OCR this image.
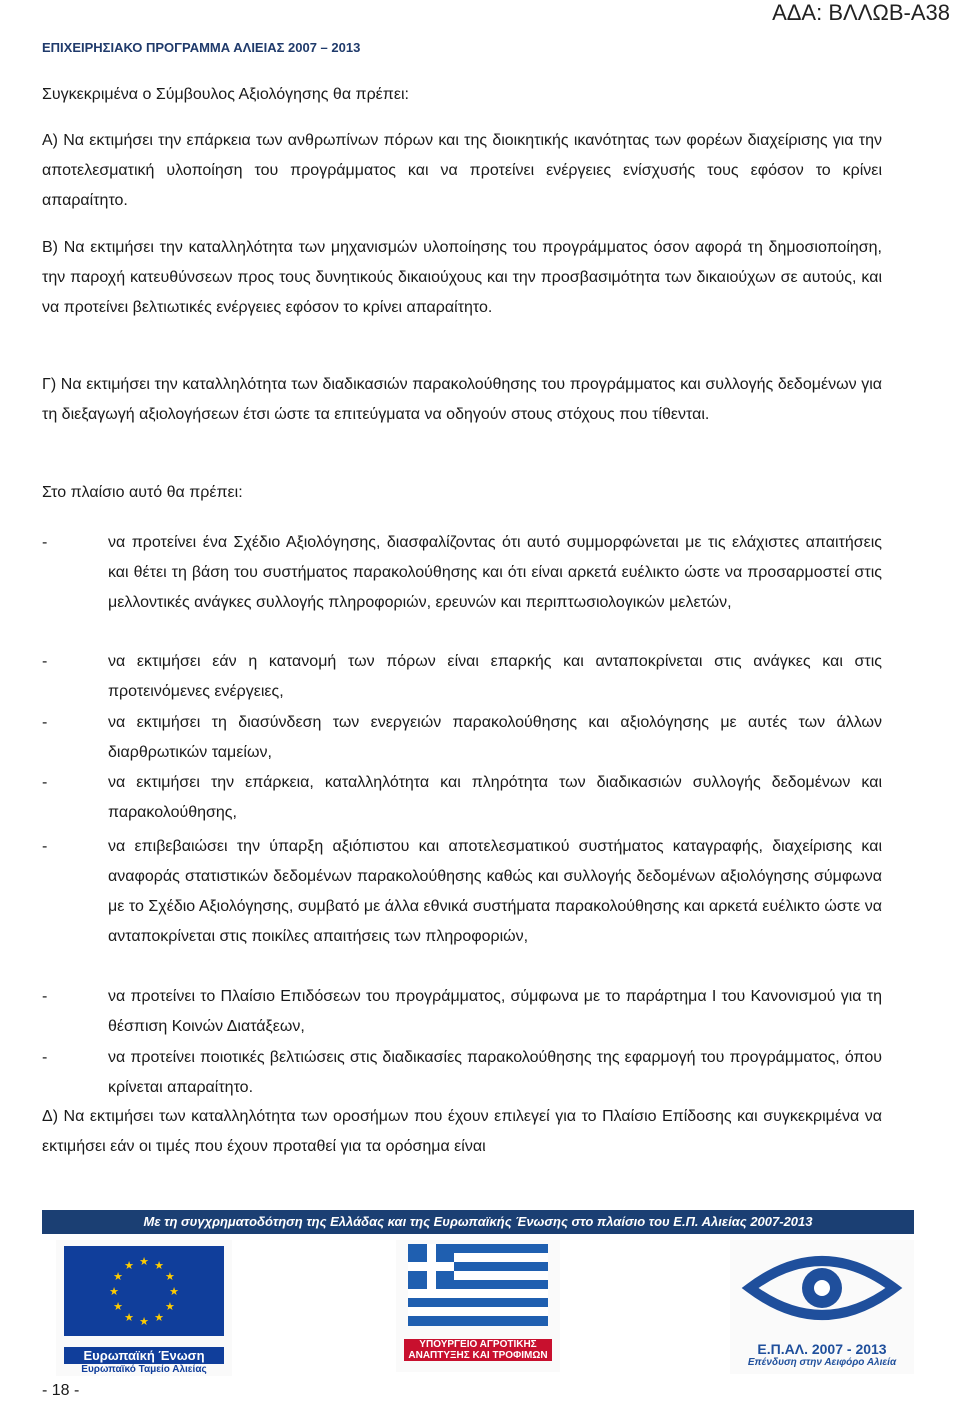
ΕΠΙΧΕΙΡΗΣΙΑΚΟ ΠΡΟΓΡΑΜΜΑ ΑΛΙΕΙΑΣ 2007 – 2013
ΑΔΑ: ΒΛΛΩΒ-Α38
Συγκεκριμένα ο Σύμβουλος Αξιολόγησης θα πρέπει:
Α) Να εκτιμήσει την επάρκεια των ανθρωπίνων πόρων και της διοικητικής ικανότητας των φορέων διαχείρισης για την αποτελεσματική υλοποίηση του προγράμματος και να προτείνει ενέργειες ενίσχυσής τους εφόσον το κρίνει απαραίτητο.
Β) Να εκτιμήσει την καταλληλότητα των μηχανισμών υλοποίησης του προγράμματος όσον αφορά τη δημοσιοποίηση, την παροχή κατευθύνσεων προς τους δυνητικούς δικαιούχους και την προσβασιμότητα των δικαιούχων σε αυτούς, και να προτείνει βελτιωτικές ενέργειες εφόσον το κρίνει απαραίτητο.
Γ) Να εκτιμήσει την καταλληλότητα των διαδικασιών παρακολούθησης του προγράμματος και συλλογής δεδομένων για τη διεξαγωγή αξιολογήσεων έτσι ώστε τα επιτεύγματα να οδηγούν στους στόχους που τίθενται.
Στο πλαίσιο αυτό θα πρέπει:
-	να προτείνει ένα Σχέδιο Αξιολόγησης, διασφαλίζοντας ότι αυτό συμμορφώνεται με τις ελάχιστες απαιτήσεις και θέτει τη βάση του συστήματος παρακολούθησης και ότι είναι αρκετά ευέλικτο ώστε να προσαρμοστεί στις μελλοντικές ανάγκες συλλογής πληροφοριών, ερευνών και περιπτωσιολογικών μελετών,
-	να εκτιμήσει εάν η κατανομή των πόρων είναι επαρκής και ανταποκρίνεται στις ανάγκες και στις προτεινόμενες ενέργειες,
-	να εκτιμήσει τη διασύνδεση των ενεργειών παρακολούθησης και αξιολόγησης με αυτές των άλλων διαρθρωτικών ταμείων,
-	να εκτιμήσει την επάρκεια, καταλληλότητα και πληρότητα των διαδικασιών συλλογής δεδομένων και παρακολούθησης,
-	να επιβεβαιώσει την ύπαρξη αξιόπιστου και αποτελεσματικού συστήματος καταγραφής, διαχείρισης και αναφοράς στατιστικών δεδομένων παρακολούθησης καθώς και συλλογής δεδομένων αξιολόγησης σύμφωνα με το Σχέδιο Αξιολόγησης, συμβατό με άλλα εθνικά συστήματα παρακολούθησης και αρκετά ευέλικτο ώστε να ανταποκρίνεται στις ποικίλες απαιτήσεις των πληροφοριών,
-	να προτείνει το Πλαίσιο Επιδόσεων του προγράμματος, σύμφωνα με το παράρτημα Ι του Κανονισμού για τη θέσπιση Κοινών Διατάξεων,
-	να προτείνει ποιοτικές βελτιώσεις στις διαδικασίες παρακολούθησης της εφαρμογή του προγράμματος, όπου κρίνεται απαραίτητο.
Δ) Να εκτιμήσει των καταλληλότητα των οροσήμων που έχουν επιλεγεί για το Πλαίσιο Επίδοσης και συγκεκριμένα να εκτιμήσει εάν οι τιμές που έχουν προταθεί για τα ορόσημα είναι
Με τη συγχρηματοδότηση της Ελλάδας και της Ευρωπαϊκής Ένωσης στο πλαίσιο του Ε.Π. Αλιείας 2007-2013
★ ★
★
★
★
★
★
★
★
★
★
★
Ευρωπαϊκή Ένωση
Ευρωπαϊκό Ταμείο Αλιείας
ΥΠΟΥΡΓΕΙΟ ΑΓΡΟΤΙΚΗΣ
ΑΝΑΠΤΥΞΗΣ ΚΑΙ ΤΡΟΦΙΜΩΝ	Ε.Π.ΑΛ. 2007 - 2013
Επένδυση στην Αειφόρο Αλιεία
- 18 -
